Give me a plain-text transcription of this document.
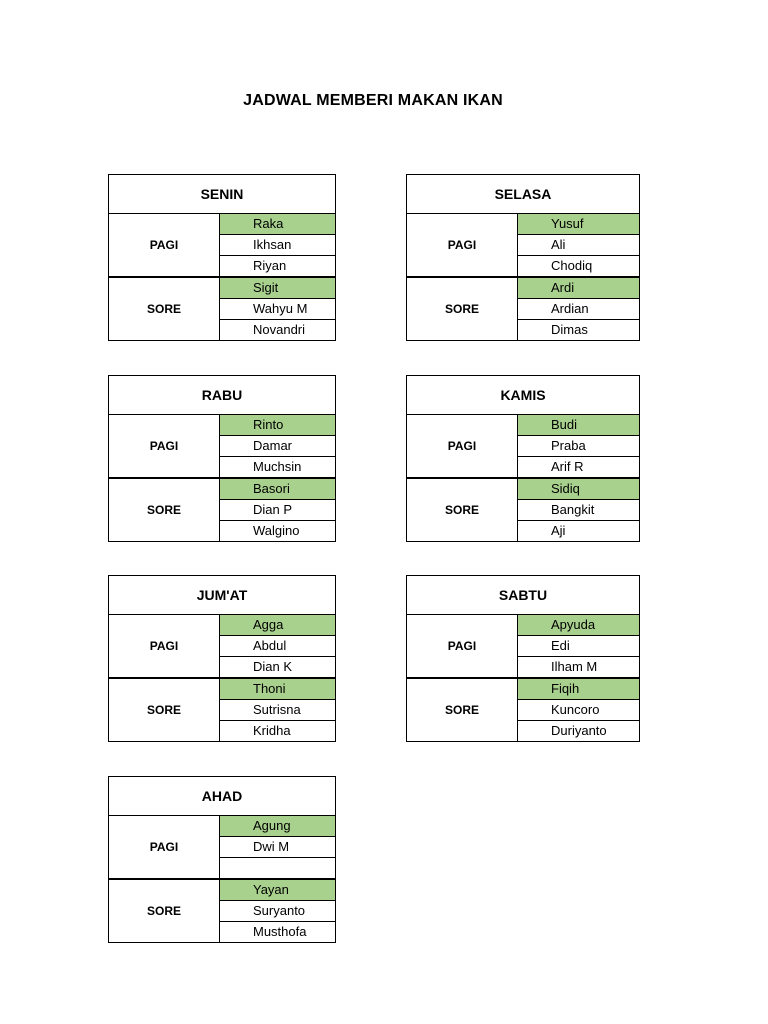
JADWAL MEMBERI MAKAN IKAN
SENIN	
PAGI	Raka
	Ikhsan
	Riyan
SORE	Sigit
	Wahyu M
	Novandri
SELASA	
PAGI	Yusuf
	Ali
	Chodiq
SORE	Ardi
	Ardian
	Dimas
RABU	
PAGI	Rinto
	Damar
	Muchsin
SORE	Basori
	Dian P
	Walgino
KAMIS	
PAGI	Budi
	Praba
	Arif R
SORE	Sidiq
	Bangkit
	Aji
JUM'AT	
PAGI	Agga
	Abdul
	Dian K
SORE	Thoni
	Sutrisna
	Kridha
SABTU	
PAGI	Apyuda
	Edi
	Ilham M
SORE	Fiqih
	Kuncoro
	Duriyanto
AHAD	
PAGI	Agung
	Dwi M

SORE	Yayan
	Suryanto
	Musthofa
